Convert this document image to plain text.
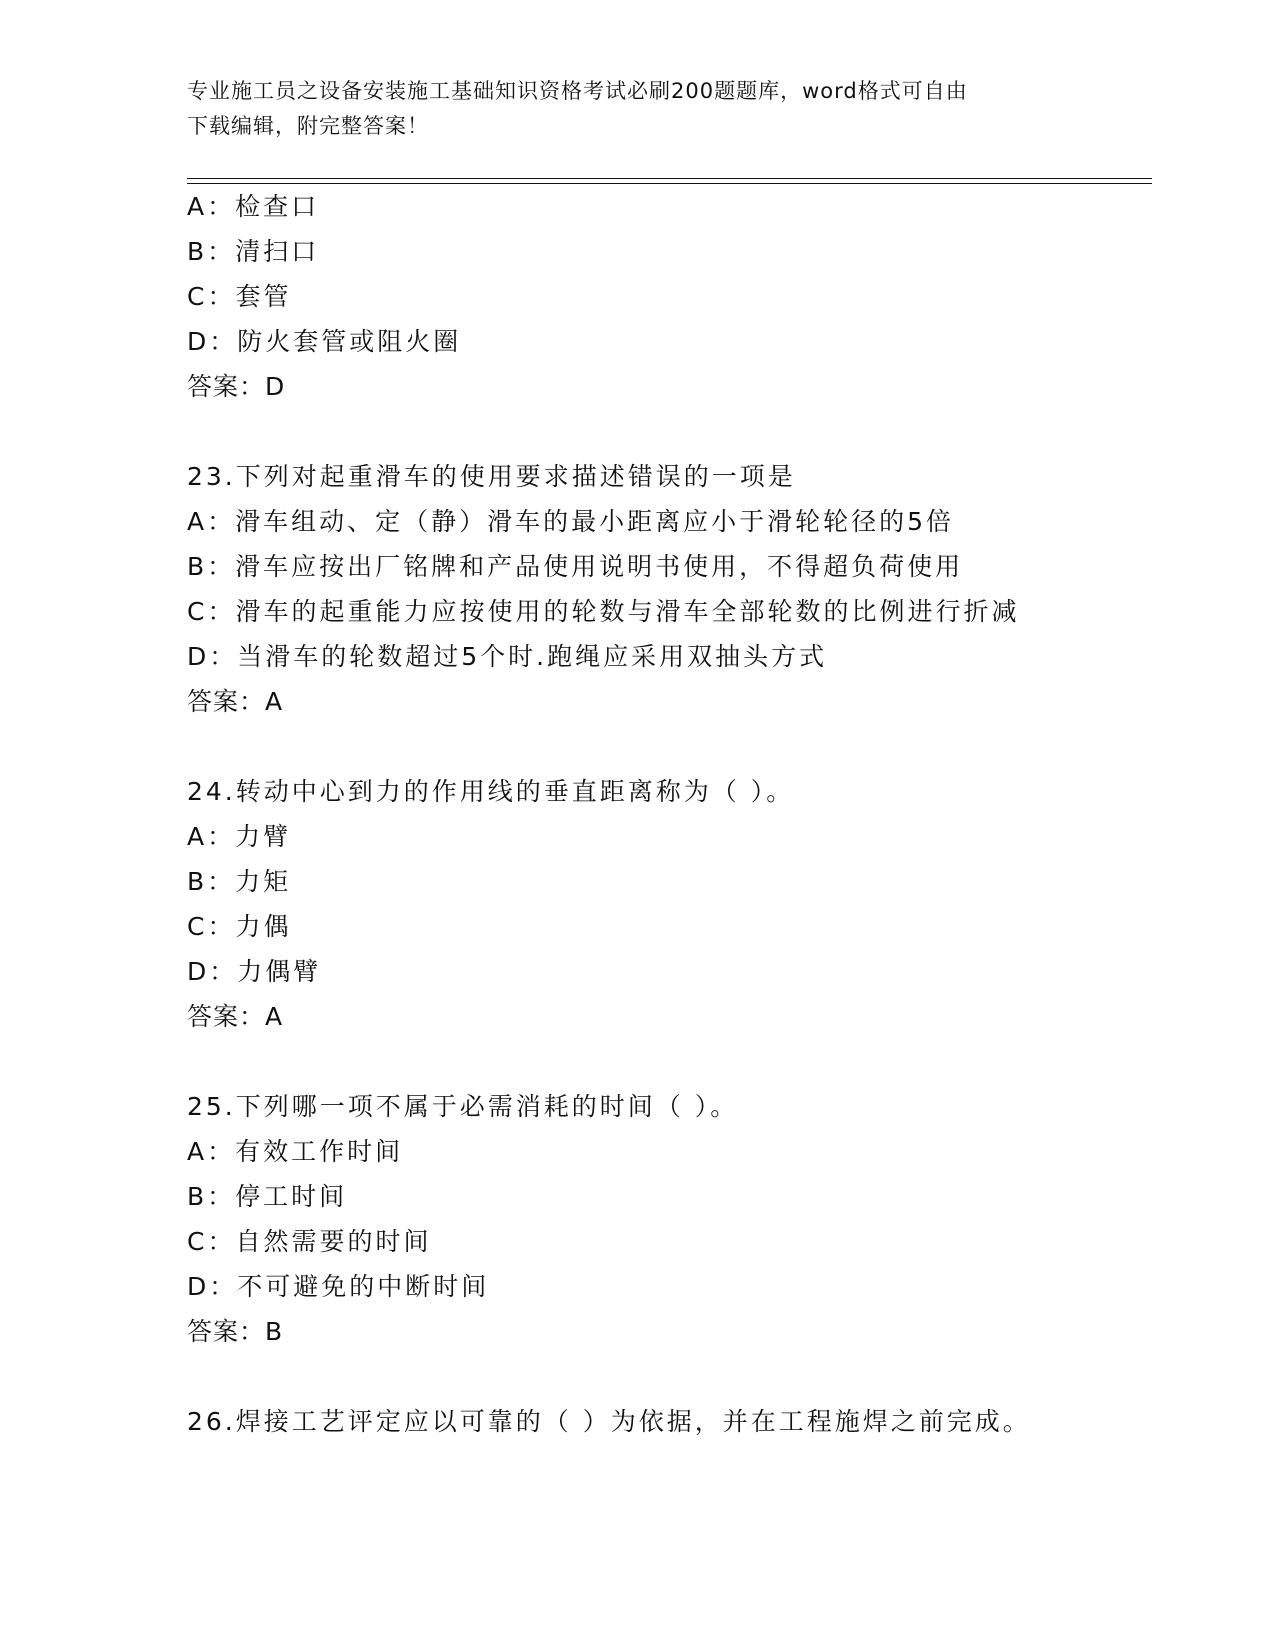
专业施工员之设备安装施工基础知识资格考试必刷200题题库，word格式可自由
下载编辑，附完整答案！
A：检查口
B：清扫口
C：套管
D：防火套管或阻火圈
答案：D
23.下列对起重滑车的使用要求描述错误的一项是
A：滑车组动、定（静）滑车的最小距离应小于滑轮轮径的5倍
B：滑车应按出厂铭牌和产品使用说明书使用，不得超负荷使用
C：滑车的起重能力应按使用的轮数与滑车全部轮数的比例进行折减
D：当滑车的轮数超过5个时.跑绳应采用双抽头方式
答案：A
24.转动中心到力的作用线的垂直距离称为（ ）。
A：力臂
B：力矩
C：力偶
D：力偶臂
答案：A
25.下列哪一项不属于必需消耗的时间（ ）。
A：有效工作时间
B：停工时间
C：自然需要的时间
D：不可避免的中断时间
答案：B
26.焊接工艺评定应以可靠的（ ）为依据，并在工程施焊之前完成。
